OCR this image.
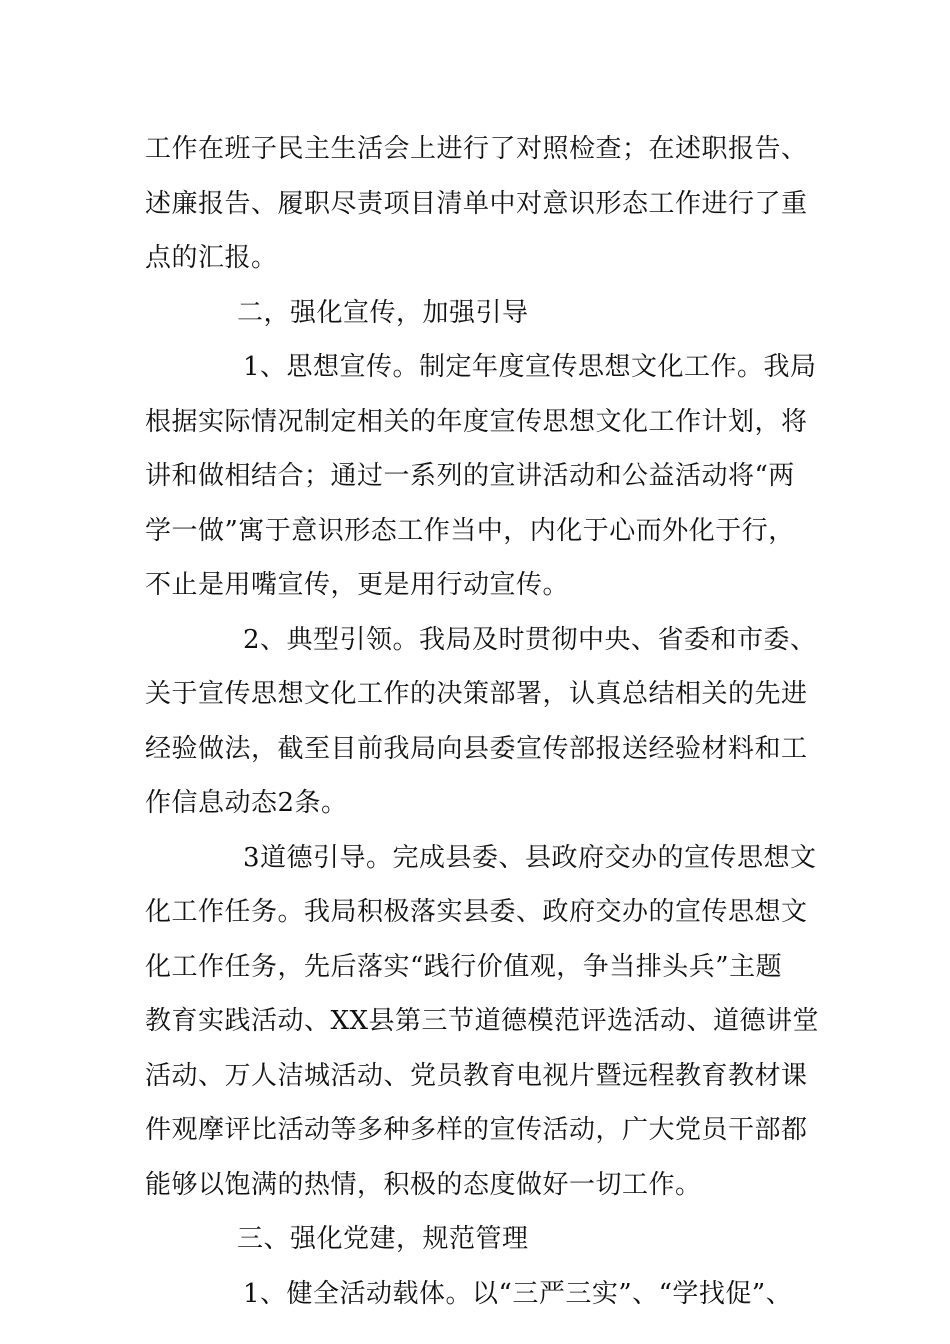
工作在班子民主生活会上进行了对照检查；在述职报告、
述廉报告、履职尽责项目清单中对意识形态工作进行了重
点的汇报。
二，强化宣传，加强引导
1、思想宣传。制定年度宣传思想文化工作。我局
根据实际情况制定相关的年度宣传思想文化工作计划，将
讲和做相结合；通过一系列的宣讲活动和公益活动将“两
学一做”寓于意识形态工作当中，内化于心而外化于行，
不止是用嘴宣传，更是用行动宣传。
2、典型引领。我局及时贯彻中央、省委和市委、
关于宣传思想文化工作的决策部署，认真总结相关的先进
经验做法，截至目前我局向县委宣传部报送经验材料和工
作信息动态2条。
3道德引导。完成县委、县政府交办的宣传思想文
化工作任务。我局积极落实县委、政府交办的宣传思想文
化工作任务，先后落实“践行价值观，争当排头兵”主题
教育实践活动、XX县第三节道德模范评选活动、道德讲堂
活动、万人洁城活动、党员教育电视片暨远程教育教材课
件观摩评比活动等多种多样的宣传活动，广大党员干部都
能够以饱满的热情，积极的态度做好一切工作。
三、强化党建，规范管理
1、健全活动载体。以“三严三实”、“学找促”、
